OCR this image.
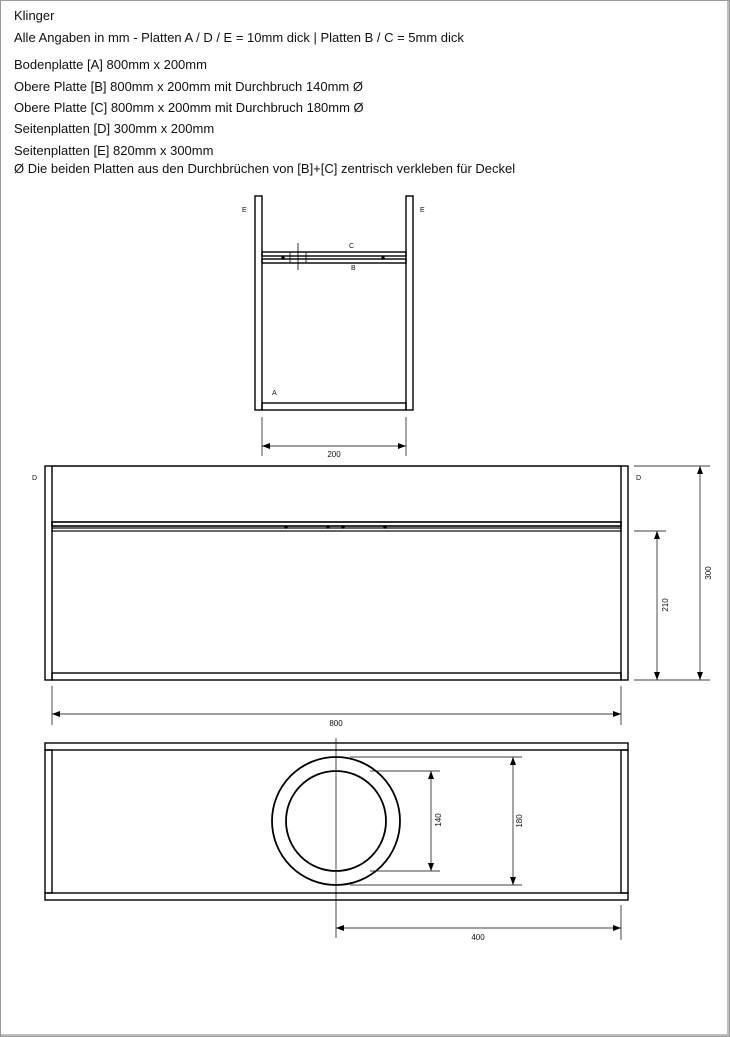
Klinger
Alle Angaben in mm - Platten A / D / E = 10mm dick | Platten B / C = 5mm dick
Bodenplatte [A] 800mm x 200mm
Obere Platte [B] 800mm x 200mm mit Durchbruch 140mm Ø
Obere Platte [C] 800mm x 200mm mit Durchbruch 180mm Ø
Seitenplatten [D] 300mm x 200mm
Seitenplatten [E] 820mm x 300mm
Ø Die beiden Platten aus den Durchbrüchen von [B]+[C] zentrisch verkleben für Deckel
E	E
C
B
A
200
D	D
800
210
300
140	180
400
